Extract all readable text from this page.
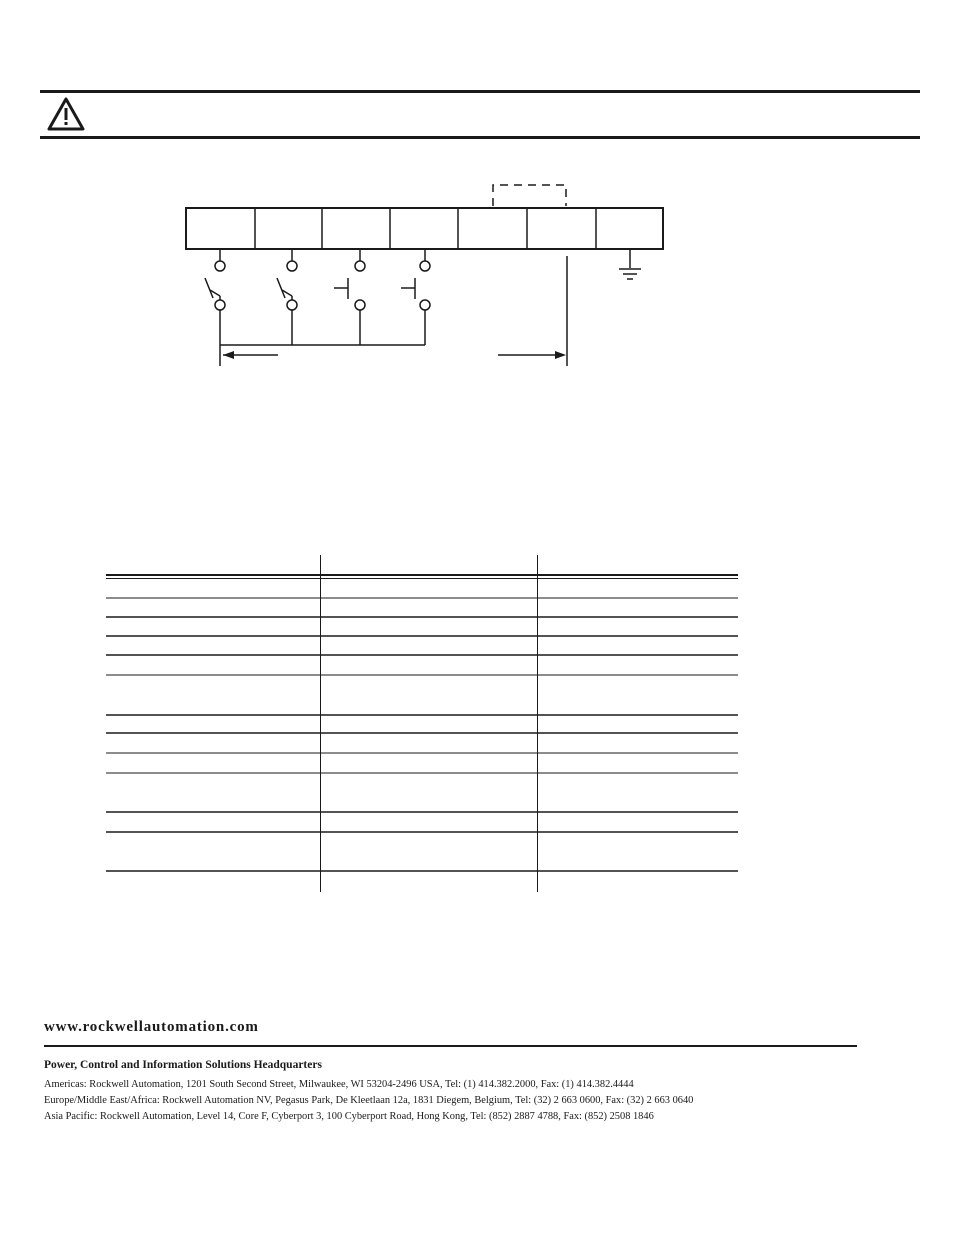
www.rockwellautomation.com
Power, Control and Information Solutions Headquarters
Americas: Rockwell Automation, 1201 South Second Street, Milwaukee, WI 53204-2496 USA, Tel: (1) 414.382.2000, Fax: (1) 414.382.4444
Europe/Middle East/Africa: Rockwell Automation NV, Pegasus Park, De Kleetlaan 12a, 1831 Diegem, Belgium, Tel: (32) 2 663 0600, Fax: (32) 2 663 0640
Asia Pacific: Rockwell Automation, Level 14, Core F, Cyberport 3, 100 Cyberport Road, Hong Kong, Tel: (852) 2887 4788, Fax: (852) 2508 1846
